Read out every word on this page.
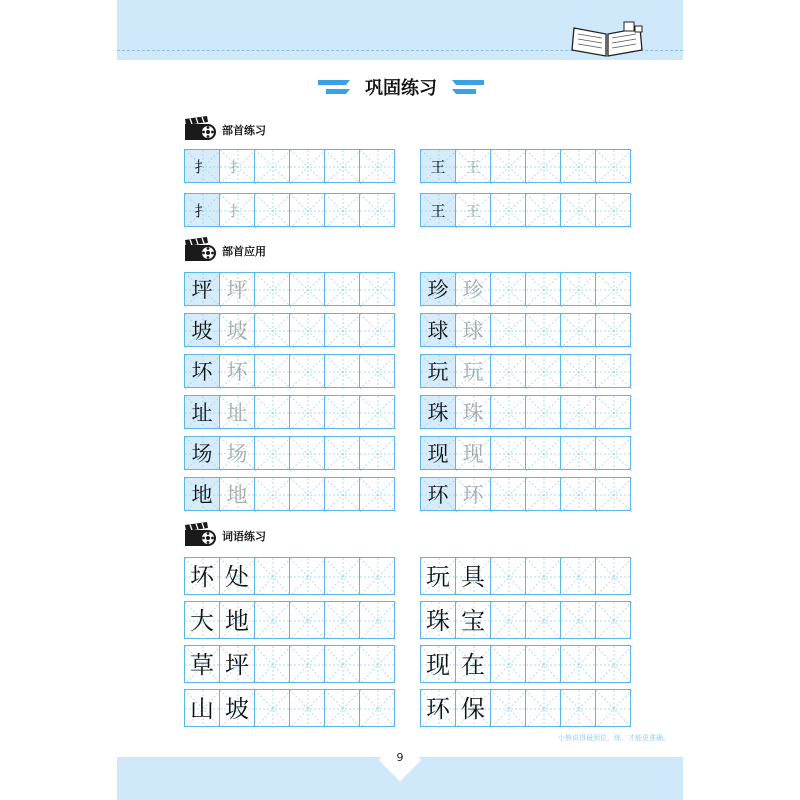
巩固练习
部首练习
扌	扌	王	王
扌	扌	王	王
部首应用
坪 坪	珍 珍
坡 坡	球 球
坏 坏	玩 玩
址 址	珠 珠
场 场	现 现
地 地	环 环
词语练习
坏 处	玩 具
大 地	珠 宝
草 坪	现 在
山 坡	环 保
9
小熊说得最到位，练、才能更准确。
